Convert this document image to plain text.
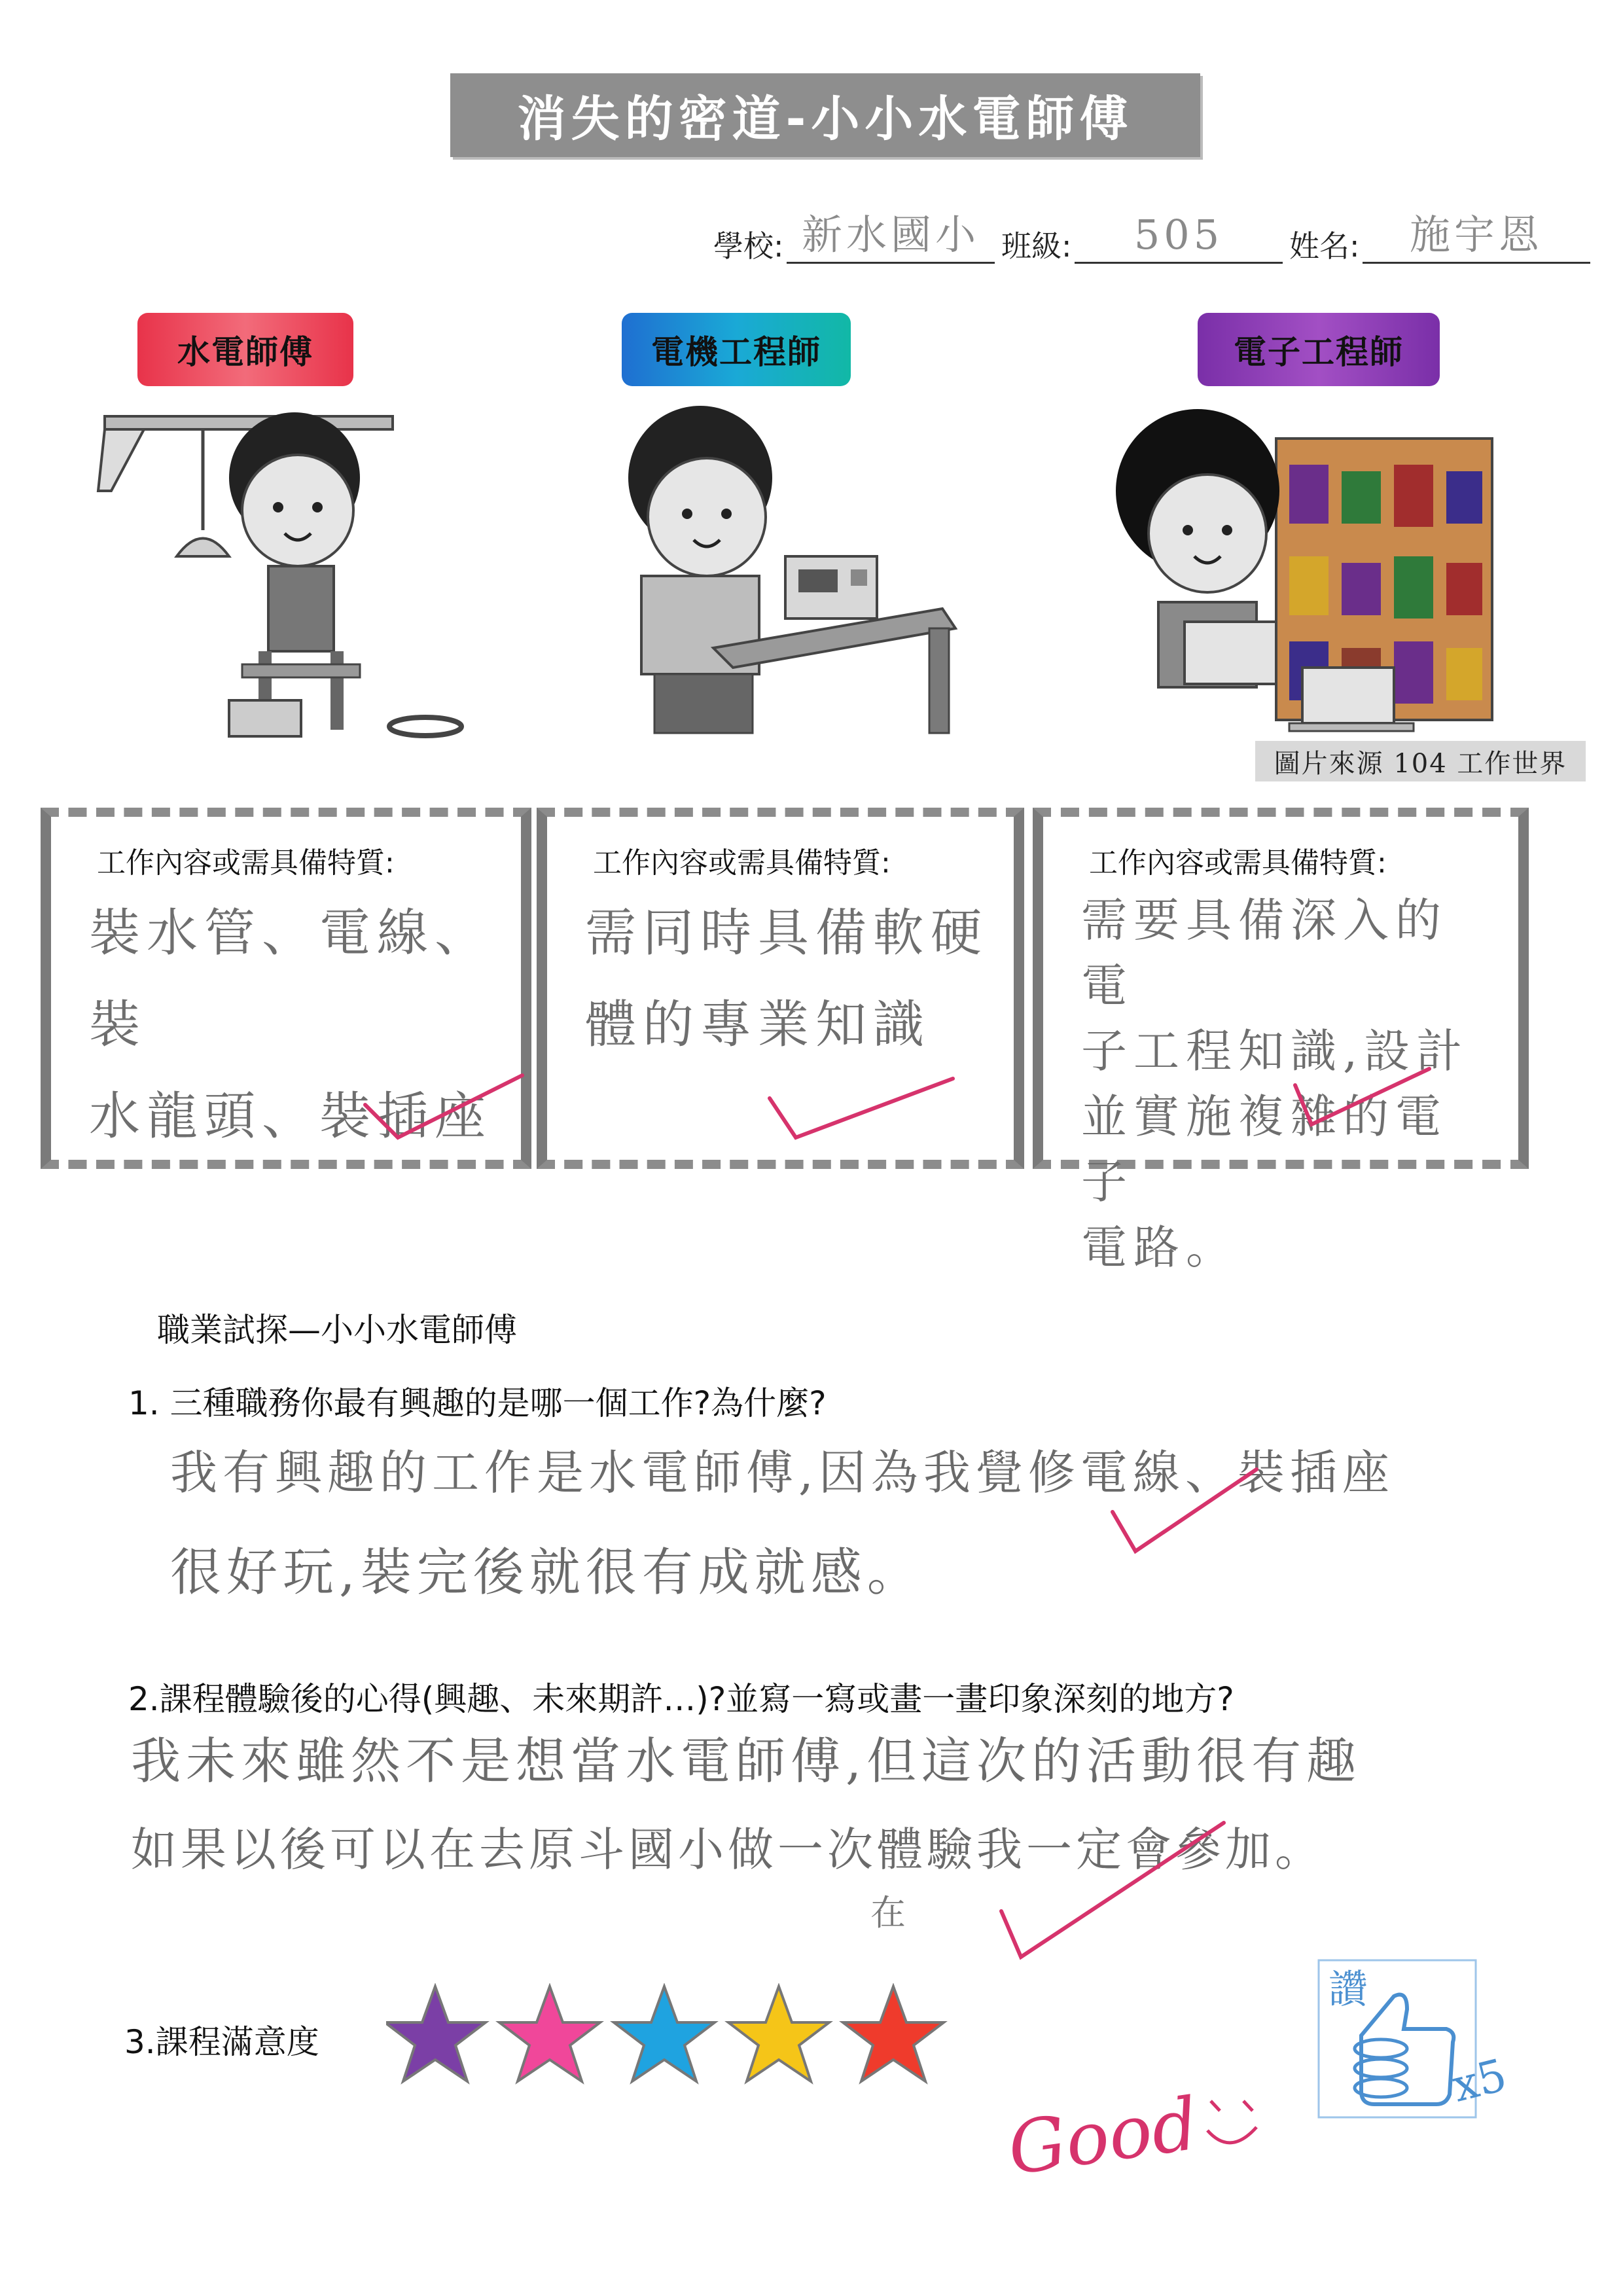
消失的密道-小小水電師傅
學校: 新水國小 班級:	505	姓名:	施宇恩
水電師傅	電機工程師	電子工程師
圖片來源 104 工作世界
工作內容或需具備特質:
裝水管、電線、裝
水龍頭、裝插座
工作內容或需具備特質:
需同時具備軟硬
體的專業知識
工作內容或需具備特質:
需要具備深入的電
子工程知識,設計
並實施複雜的電子
電路。
職業試探—小小水電師傅
1. 三種職務你最有興趣的是哪一個工作?為什麼?
我有興趣的工作是水電師傅,因為我覺修電線、裝插座
很好玩,裝完後就很有成就感。
2.課程體驗後的心得(興趣、未來期許…)?並寫一寫或畫一畫印象深刻的地方?
我未來雖然不是想當水電師傅,但這次的活動很有趣
如果以後可以在去原斗國小做一次體驗我一定會參加。
在
3.課程滿意度
讚
x5
Good
